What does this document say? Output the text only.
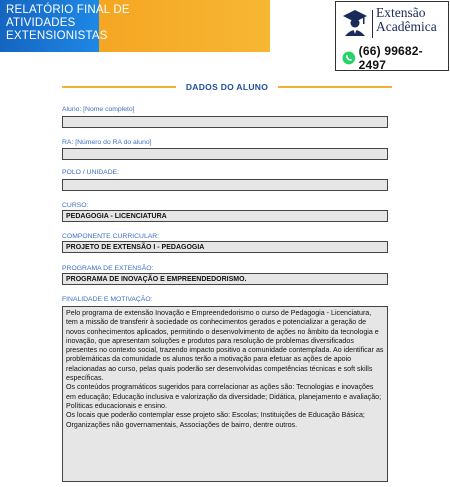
RELATÓRIO FINAL DE
ATIVIDADES
EXTENSIONISTAS
Extensão
Acadêmica
(66) 99682-2497
DADOS DO ALUNO
Aluno: [Nome completo]
RA: [Número do RA do aluno]
POLO / UNIDADE:
CURSO:
PEDAGOGIA - LICENCIATURA
COMPONENTE CURRICULAR:
PROJETO DE EXTENSÃO I - PEDAGOGIA
PROGRAMA DE EXTENSÃO:
PROGRAMA DE INOVAÇÃO E EMPREENDEDORISMO.
FINALIDADE E MOTIVAÇÃO:

Pelo programa de extensão Inovação e Empreendedorismo o curso de Pedagogia - Licenciatura, tem a missão de transferir à sociedade os conhecimentos gerados e potencializar a geração de novos conhecimentos aplicados, permitindo o desenvolvimento de ações no âmbito da tecnologia e inovação, que apresentam soluções e produtos para resolução de problemas diversificados presentes no contexto social, trazendo impacto positivo a comunidade contemplada. Ao identificar as problemáticas da comunidade os alunos terão a motivação para efetuar as ações de apoio relacionadas ao curso, pelas quais poderão ser desenvolvidas competências técnicas e soft skills específicas.

Os conteúdos programáticos sugeridos para correlacionar as ações são: Tecnologias e inovações em educação; Educação inclusiva e valorização da diversidade; Didática, planejamento e avaliação; Políticas educacionais e ensino.

Os locais que poderão contemplar esse projeto são: Escolas; Instituições de Educação Básica; Organizações não governamentais, Associações de bairro, dentre outros.
